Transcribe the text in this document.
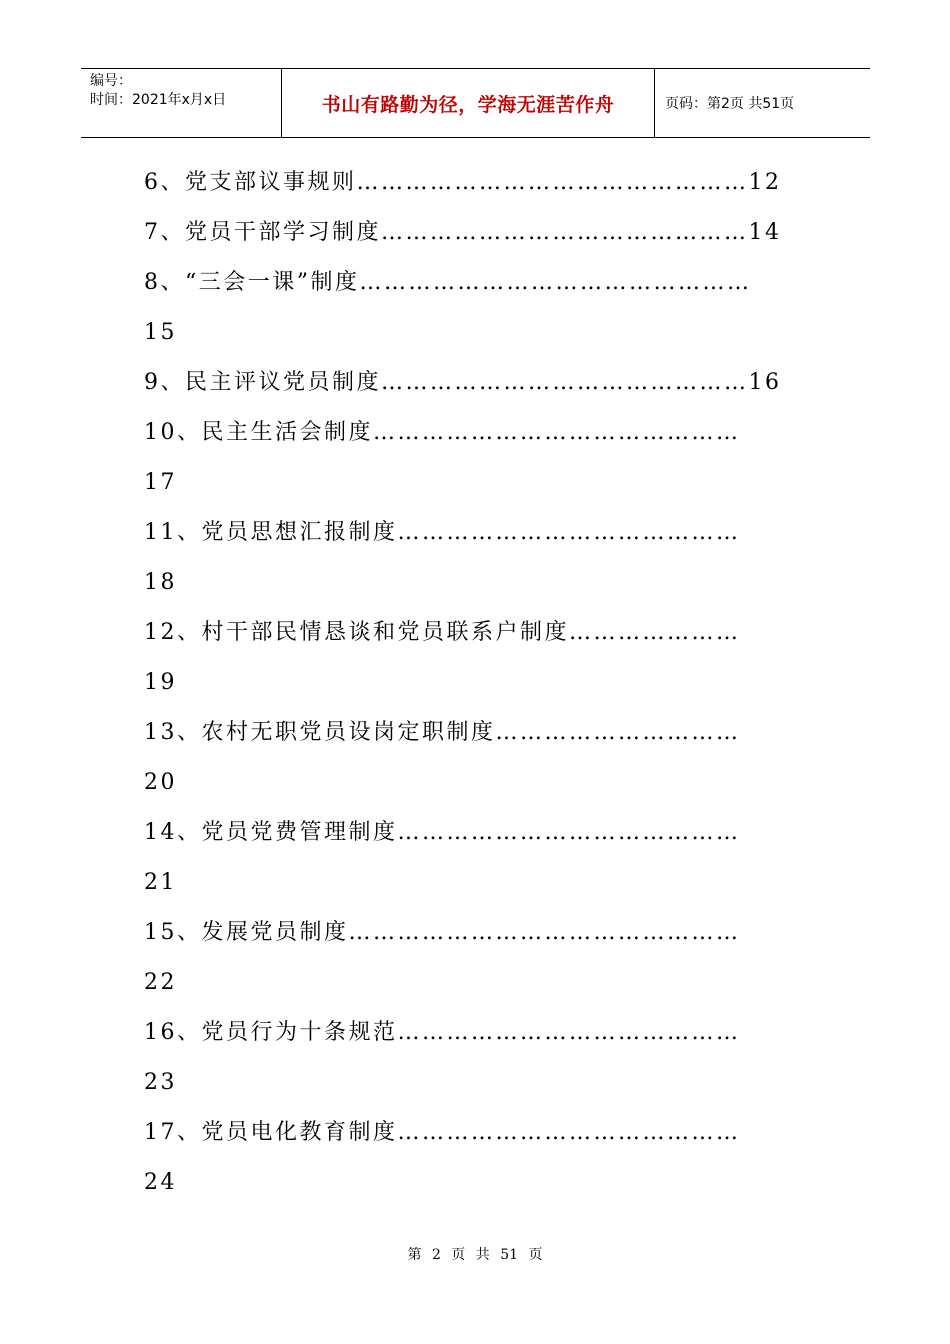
编号：
时间：2021年x月x日	书山有路勤为径，学海无涯苦作舟	页码：第2页 共51页
6、党支部议事规则…………………………………………12
7、党员干部学习制度………………………………………14
8、“三会一课”制度…………………………………………
15
9、民主评议党员制度………………………………………16
10、民主生活会制度………………………………………
17
11、党员思想汇报制度……………………………………
18
12、村干部民情恳谈和党员联系户制度…………………
19
13、农村无职党员设岗定职制度…………………………
20
14、党员党费管理制度……………………………………
21
15、发展党员制度…………………………………………
22
16、党员行为十条规范……………………………………
23
17、党员电化教育制度……………………………………
24
第 2 页 共 51 页
